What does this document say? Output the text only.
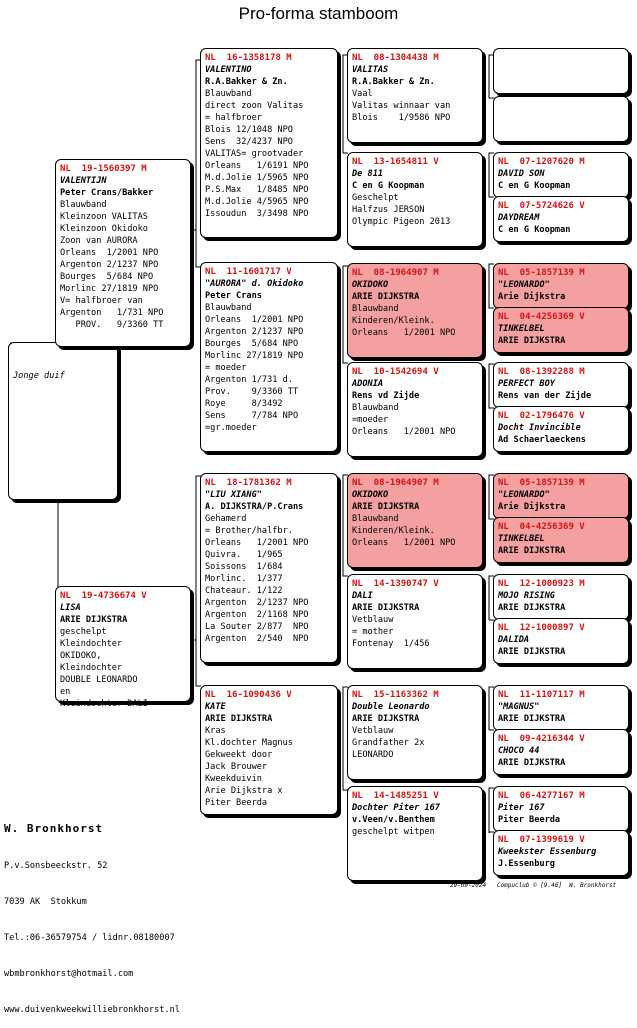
Pro-forma stamboom

Jonge duif

NL  19-1560397 M
VALENTIJN
Peter Crans/Bakker
Blauwband
Kleinzoon VALITAS
Kleinzoon Okidoko
Zoon van AURORA
Orleans  1/2001 NPO
Argenton 2/1237 NPO
Bourges  5/684 NPO
Morlinc 27/1819 NPO
V= halfbroer van
Argenton   1/731 NPO
PROV.   9/3360 TT
NL  19-4736674 V
LISA
ARIE DIJKSTRA
geschelpt
Kleindochter
OKIDOKO,
Kleindochter
DOUBLE LEONARDO
en
Kleindochter DALI
NL  16-1358178 M
VALENTINO
R.A.Bakker & Zn.
Blauwband
direct zoon Valitas
= halfbroer
Blois 12/1048 NPO
Sens  32/4237 NPO
VALITAS= grootvader
Orleans   1/6191 NPO
M.d.Jolie 1/5965 NPO
P.S.Max   1/8485 NPO
M.d.Jolie 4/5965 NPO
Issoudun  3/3498 NPO
NL  11-1601717 V
"AURORA" d. Okidoko
Peter Crans
Blauwband
Orleans  1/2001 NPO
Argenton 2/1237 NPO
Bourges  5/684 NPO
Morlinc 27/1819 NPO
= moeder
Argenton 1/731 d.
Prov.    9/3360 TT
Roye     8/3492
Sens     7/784 NPO
=gr.moeder
NL  18-1781362 M
"LIU XIANG"
A. DIJKSTRA/P.Crans
Gehamerd
= Brother/halfbr.
Orleans   1/2001 NPO
Quivra.   1/965
Soissons  1/684
Morlinc.  1/377
Chateaur. 1/122
Argenton  2/1237 NPO
Argenton  2/1168 NPO
La Souter 2/877  NPO
Argenton  2/540  NPO
NL  16-1090436 V
KATE
ARIE DIJKSTRA
Kras
Kl.dochter Magnus
Gekweekt door
Jack Brouwer
Kweekduivin
Arie Dijkstra x
Piter Beerda
NL  08-1304438 M
VALITAS
R.A.Bakker & Zn.
Vaal
Valitas winnaar van
Blois    1/9586 NPO
NL  13-1654811 V
De 811
C en G Koopman
Geschelpt
Halfzus JERSON
Olympic Pigeon 2013
NL  08-1964907 M
OKIDOKO
ARIE DIJKSTRA
Blauwband
Kinderen/Kleink.
Orleans   1/2001 NPO
NL  10-1542694 V
ADONIA
Rens vd Zijde
Blauwband
=moeder
Orleans   1/2001 NPO
NL  08-1964907 M
OKIDOKO
ARIE DIJKSTRA
Blauwband
Kinderen/Kleink.
Orleans   1/2001 NPO
NL  14-1390747 V
DALI
ARIE DIJKSTRA
Vetblauw
= mother
Fontenay  1/456
NL  15-1163362 M
Double Leonardo
ARIE DIJKSTRA
Vetblauw
Grandfather 2x
LEONARDO
NL  14-1485251 V
Dochter Piter 167
v.Veen/v.Benthem
geschelpt witpen
NL  07-1207620 M
DAVID SON
C en G Koopman
NL  07-5724626 V
DAYDREAM
C en G Koopman
NL  05-1857139 M
"LEONARDO"
Arie Dijkstra
NL  04-4256369 V
TINKELBEL
ARIE DIJKSTRA
NL  08-1392288 M
PERFECT BOY
Rens van der Zijde
NL  02-1796476 V
Docht Invincible
Ad Schaerlaeckens
NL  05-1857139 M
"LEONARDO"
Arie Dijkstra
NL  04-4256369 V
TINKELBEL
ARIE DIJKSTRA
NL  12-1000923 M
MOJO RISING
ARIE DIJKSTRA
NL  12-1000897 V
DALIDA
ARIE DIJKSTRA
NL  11-1107117 M
"MAGNUS"
ARIE DIJKSTRA
NL  09-4216344 V
CHOCO 44
ARIE DIJKSTRA
NL  06-4277167 M
Piter 167
Piter Beerda
NL  07-1399619 V
Kweekster Essenburg
J.Essenburg

W. Bronkhorst

P.v.Sonsbeeckstr. 52

7039 AK  Stokkum

Tel.:06-36579754 / lidnr.08180007

wbmbronkhorst@hotmail.com

www.duivenkweekwilliebronkhorst.nl

29-09-2024   Compuclub © [9.46]  W. Bronkhorst
